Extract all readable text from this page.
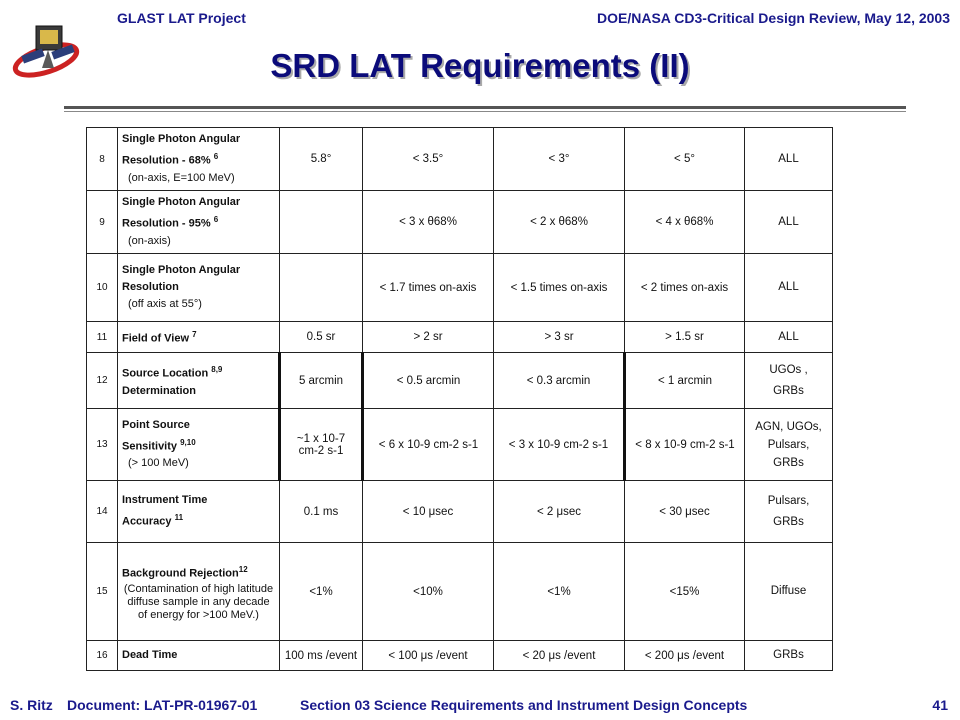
GLAST LAT Project	DOE/NASA CD3-Critical Design Review, May 12, 2003
SRD LAT Requirements (II)
8	Single Photon Angular
Resolution - 68% $^6$
(on-axis, E=100 MeV)	5.8°	< 3.5°	< 3°	< 5°	ALL
9	Single Photon Angular
Resolution - 95% $^6$
(on-axis)		< 3 x θ68%	< 2 x θ68%	< 4 x θ68%	ALL
10	Single Photon Angular
Resolution
(off axis at 55°)		< 1.7 times on-axis	< 1.5 times on-axis	< 2 times on-axis	ALL
11	Field of View $^7$	0.5 sr	> 2 sr	> 3 sr	> 1.5 sr	ALL
12	Source Location $^{8,9}$
Determination	5 arcmin	< 0.5 arcmin	< 0.3 arcmin	< 1 arcmin	UGOs ,
GRBs
13	Point Source
Sensitivity $^{9,10}$
(> 100 MeV)	~1 x 10-7
cm-2 s-1	< 6 x 10-9 cm-2 s-1	< 3 x 10-9 cm-2 s-1	< 8 x 10-9 cm-2 s-1	AGN, UGOs,
Pulsars,
GRBs
14	Instrument Time
Accuracy $^{11}$	0.1 ms	< 10 μsec	< 2 μsec	< 30 μsec	Pulsars,
GRBs
15	Background Rejection$^{12}$
(Contamination of high latitude diffuse sample in any decade of energy for >100 MeV.)	<1%	<10%	<1%	<15%	Diffuse
16	Dead Time	100 ms /event	< 100 μs /event	< 20 μs /event	< 200 μs /event	GRBs
S. Ritz Document: LAT-PR-01967-01	Section 03 Science Requirements and Instrument Design Concepts	41
